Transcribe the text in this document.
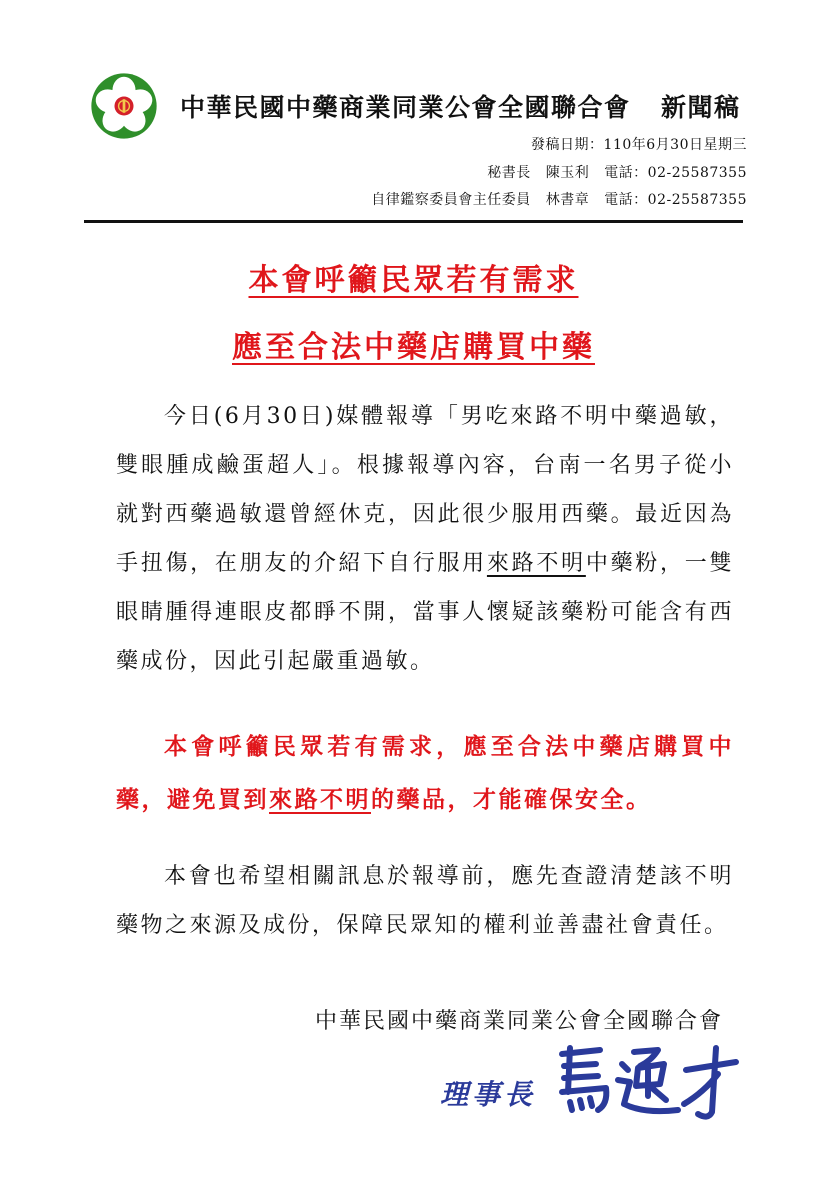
中華民國中藥商業同業公會全國聯合會 新聞稿
發稿日期：110年6月30日星期三
秘書長 陳玉利 電話：02-25587355
自律鑑察委員會主任委員 林書章 電話：02-25587355
本會呼籲民眾若有需求
應至合法中藥店購買中藥
今日(6月30日)媒體報導「男吃來路不明中藥過敏，雙眼腫成鹼蛋超人」。根據報導內容，台南一名男子從小就對西藥過敏還曾經休克，因此很少服用西藥。最近因為手扭傷，在朋友的介紹下自行服用來路不明中藥粉，一雙眼睛腫得連眼皮都睜不開，當事人懷疑該藥粉可能含有西藥成份，因此引起嚴重過敏。
本會呼籲民眾若有需求，應至合法中藥店購買中藥，避免買到來路不明的藥品，才能確保安全。
本會也希望相關訊息於報導前，應先查證清楚該不明藥物之來源及成份，保障民眾知的權利並善盡社會責任。
中華民國中藥商業同業公會全國聯合會
理事長
